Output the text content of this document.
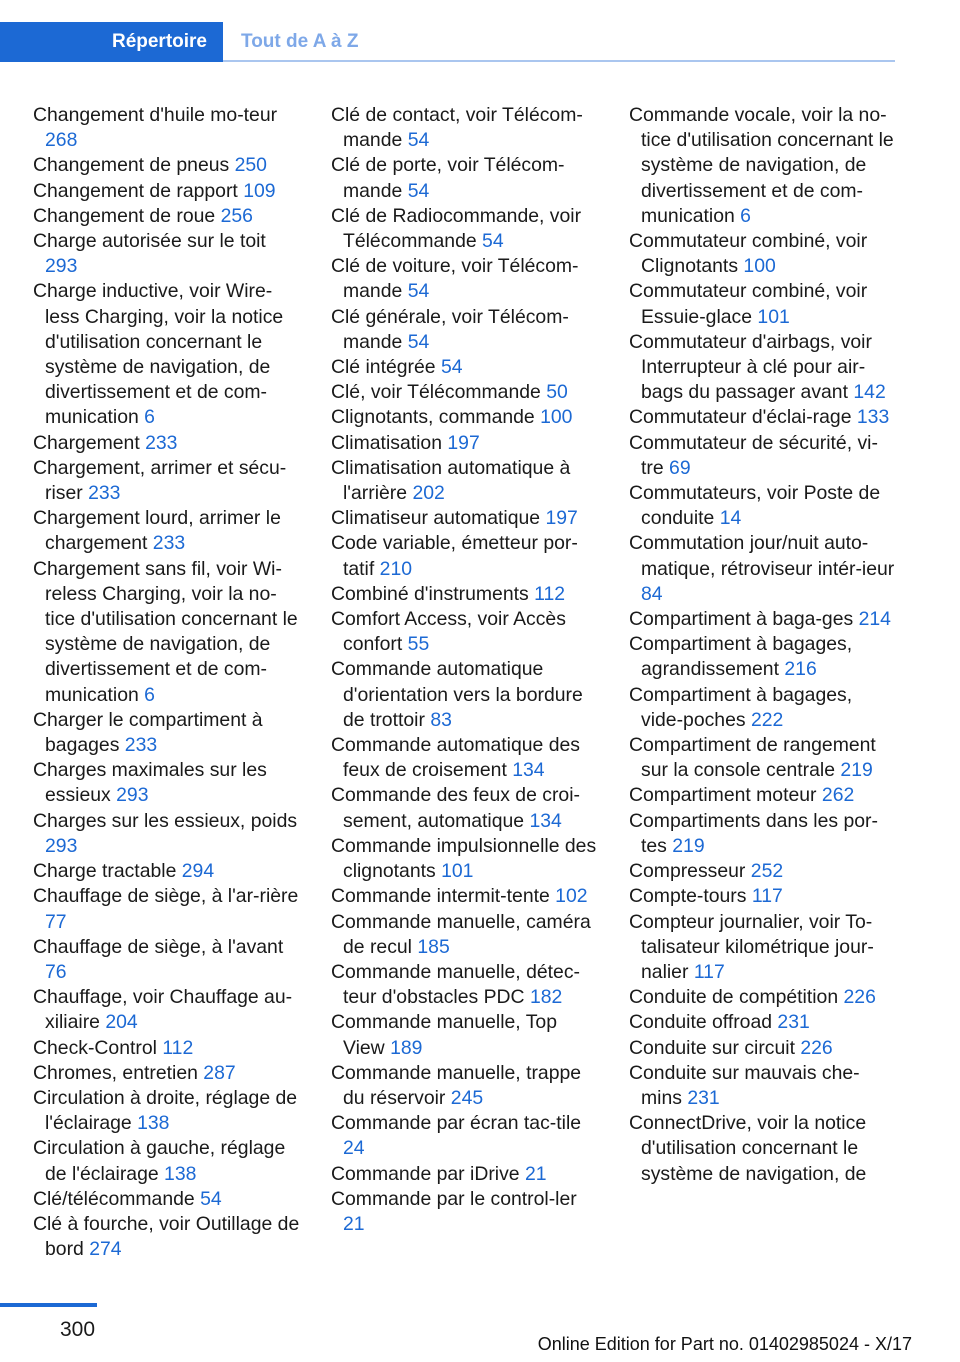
Répertoire	Tout de A à Z

Changement d'huile mo-teur 268

Changement de pneus 250

Changement de rapport 109

Changement de roue 256

Charge autorisée sur le toit 293

Charge inductive, voir Wire-less Charging, voir la notice d'utilisation concernant le système de navigation, de divertissement et de com-munication 6

Chargement 233

Chargement, arrimer et sécu-riser 233

Chargement lourd, arrimer le chargement 233

Chargement sans fil, voir Wi-reless Charging, voir la no-tice d'utilisation concernant le système de navigation, de divertissement et de com-munication 6

Charger le compartiment à bagages 233

Charges maximales sur les essieux 293

Charges sur les essieux, poids 293

Charge tractable 294

Chauffage de siège, à l'ar-rière 77

Chauffage de siège, à l'avant 76

Chauffage, voir Chauffage au-xiliaire 204

Check-Control 112

Chromes, entretien 287

Circulation à droite, réglage de l'éclairage 138

Circulation à gauche, réglage de l'éclairage 138

Clé/télécommande 54

Clé à fourche, voir Outillage de bord 274

Clé de contact, voir Télécom-mande 54

Clé de porte, voir Télécom-mande 54

Clé de Radiocommande, voir Télécommande 54

Clé de voiture, voir Télécom-mande 54

Clé générale, voir Télécom-mande 54

Clé intégrée 54

Clé, voir Télécommande 50

Clignotants, commande 100

Climatisation 197

Climatisation automatique à l'arrière 202

Climatiseur automatique 197

Code variable, émetteur por-tatif 210

Combiné d'instruments 112

Comfort Access, voir Accès confort 55

Commande automatique d'orientation vers la bordure de trottoir 83

Commande automatique des feux de croisement 134

Commande des feux de croi-sement, automatique 134

Commande impulsionnelle des clignotants 101

Commande intermit-tente 102

Commande manuelle, caméra de recul 185

Commande manuelle, détec-teur d'obstacles PDC 182

Commande manuelle, Top View 189

Commande manuelle, trappe du réservoir 245

Commande par écran tac-tile 24

Commande par iDrive 21

Commande par le control-ler 21

Commande vocale, voir la no-tice d'utilisation concernant le système de navigation, de divertissement et de com-munication 6

Commutateur combiné, voir Clignotants 100

Commutateur combiné, voir Essuie-glace 101

Commutateur d'airbags, voir Interrupteur à clé pour air-bags du passager avant 142

Commutateur d'éclai-rage 133

Commutateur de sécurité, vi-tre 69

Commutateurs, voir Poste de conduite 14

Commutation jour/nuit auto-matique, rétroviseur intér-ieur 84

Compartiment à baga-ges 214

Compartiment à bagages, agrandissement 216

Compartiment à bagages, vide-poches 222

Compartiment de rangement sur la console centrale 219

Compartiment moteur 262

Compartiments dans les por-tes 219

Compresseur 252

Compte-tours 117

Compteur journalier, voir To-talisateur kilométrique jour-nalier 117

Conduite de compétition 226

Conduite offroad 231

Conduite sur circuit 226

Conduite sur mauvais che-mins 231

ConnectDrive, voir la notice d'utilisation concernant le système de navigation, de

300
Online Edition for Part no. 01402985024 - X/17
